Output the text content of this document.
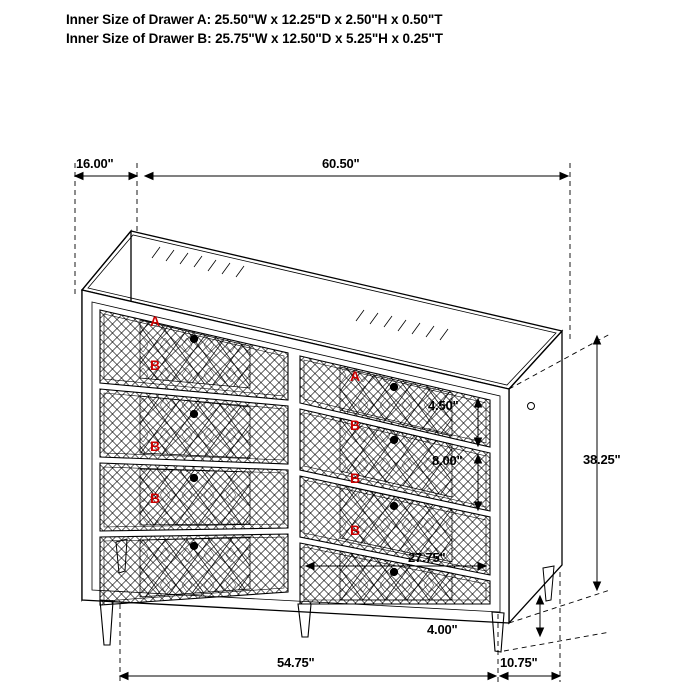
Inner Size of Drawer A: 25.50"W x 12.25"D x 2.50"H x 0.50"T
Inner Size of Drawer B: 25.75"W x 12.50"D x 5.25"H x 0.25"T
16.00"	60.50"
4.50"
8.00"
27.75"
4.00"
38.25"
54.75"	10.75"
A
B
B
B
A
B
B
B
